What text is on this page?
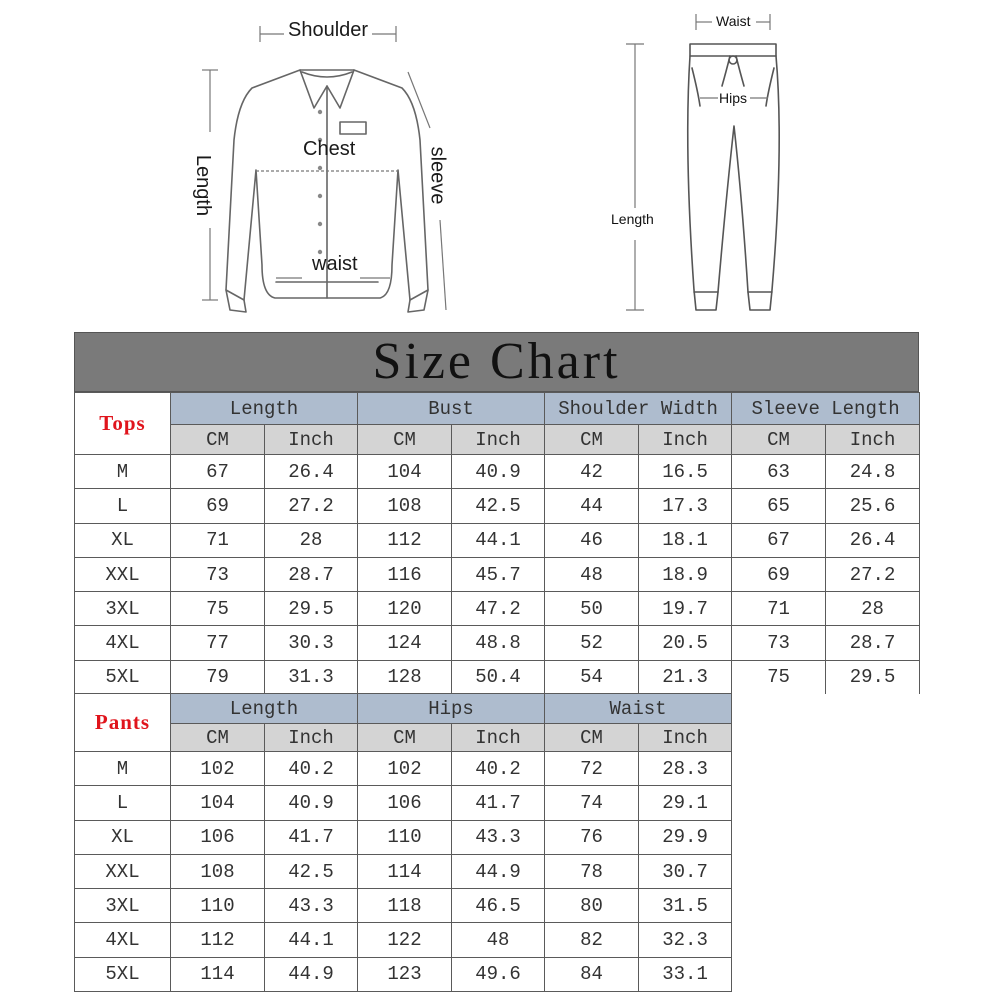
Shoulder
Chest
Length	sleeve
waist
Waist
Hips
Length
Size Chart
Tops	Length		Bust		Shoulder Width		Sleeve Length	
	CM	Inch	CM	Inch	CM	Inch	CM	Inch
M	67	26.4	104	40.9	42	16.5	63	24.8
L	69	27.2	108	42.5	44	17.3	65	25.6
XL	71	28	112	44.1	46	18.1	67	26.4
XXL	73	28.7	116	45.7	48	18.9	69	27.2
3XL	75	29.5	120	47.2	50	19.7	71	28
4XL	77	30.3	124	48.8	52	20.5	73	28.7
5XL	79	31.3	128	50.4	54	21.3	75	29.5
Pants	Length		Hips		Waist		
	CM	Inch	CM	Inch	CM	Inch	
M	102	40.2	102	40.2	72	28.3	
L	104	40.9	106	41.7	74	29.1	
XL	106	41.7	110	43.3	76	29.9	
XXL	108	42.5	114	44.9	78	30.7	
3XL	110	43.3	118	46.5	80	31.5	
4XL	112	44.1	122	48	82	32.3	
5XL	114	44.9	123	49.6	84	33.1	
